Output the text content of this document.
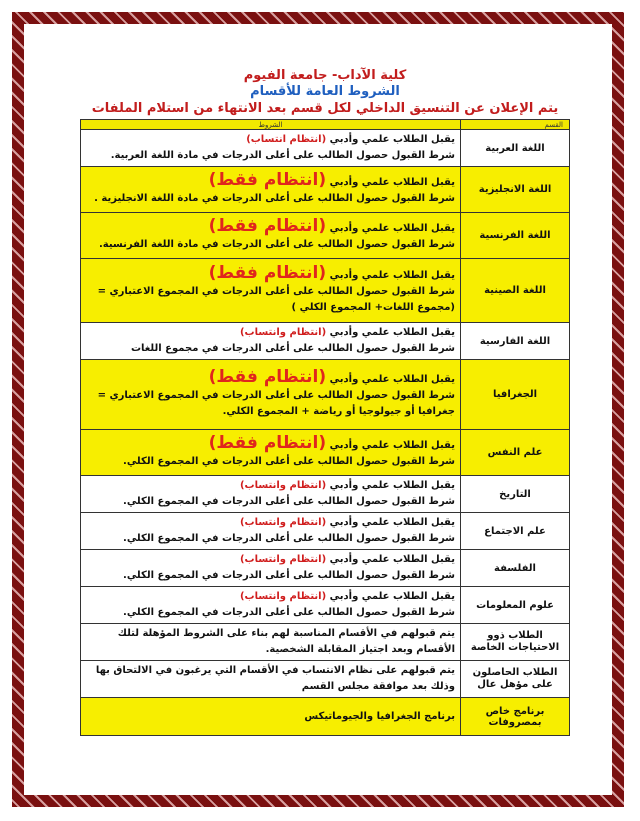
كلية الآداب- جامعة الفيوم
الشروط العامة للأقسام
يتم الإعلان عن التنسيق الداخلي لكل قسم بعد الانتهاء من استلام الملفات
القسم	الشروط
اللغة العربية	يقبل الطلاب علمي وأدبي (انتظام انتساب)
شرط القبول حصول الطالب على أعلى الدرجات في مادة اللغة العربية.

اللغة الانجليزية	يقبل الطلاب علمي وأدبي (انتظام فقط)
شرط القبول حصول الطالب على أعلى الدرجات في مادة اللغة الانجليزية .

اللغة الفرنسية	يقبل الطلاب علمي وأدبي (انتظام فقط)
شرط القبول حصول الطالب على أعلى الدرجات في مادة اللغة الفرنسية.

اللغة الصينية	يقبل الطلاب علمي وأدبي (انتظام فقط)
شرط القبول حصول الطالب على أعلى الدرجات في المجموع الاعتباري = (مجموع اللغات+ المجموع الكلي )

اللغة الفارسية	يقبل الطلاب علمي وأدبي (انتظام وانتساب)
شرط القبول حصول الطالب على أعلى الدرجات في مجموع اللغات

الجغرافيا	يقبل الطلاب علمي وأدبي (انتظام فقط)
شرط القبول حصول الطالب على أعلى الدرجات في المجموع الاعتباري = جغرافيا أو جيولوجيا أو رياضة + المجموع الكلي.

علم النفس	يقبل الطلاب علمي وأدبي (انتظام فقط)
شرط القبول حصول الطالب على أعلى الدرجات في المجموع الكلي.

التاريخ	يقبل الطلاب علمي وأدبي (انتظام وانتساب)
شرط القبول حصول الطالب على أعلى الدرجات في المجموع الكلي.

علم الاجتماع	يقبل الطلاب علمي وأدبي (انتظام وانتساب)
شرط القبول حصول الطالب على أعلى الدرجات في المجموع الكلي.

الفلسفة	يقبل الطلاب علمي وأدبي (انتظام وانتساب)
شرط القبول حصول الطالب على أعلى الدرجات في المجموع الكلي.

علوم المعلومات	يقبل الطلاب علمي وأدبي (انتظام وانتساب)
شرط القبول حصول الطالب على أعلى الدرجات في المجموع الكلي.

الطلاب ذوو الاحتياجات الخاصة	يتم قبولهم في الأقسام المناسبة لهم بناء على الشروط المؤهلة لتلك الأقسام وبعد اجتياز المقابلة الشخصية.
الطلاب الحاصلون على مؤهل عال	يتم قبولهم على نظام الانتساب في الأقسام التي يرغبون في الالتحاق بها وذلك بعد موافقة مجلس القسم
برنامج خاص بمصروفات	برنامج الجغرافيا والجيوماتيكس
